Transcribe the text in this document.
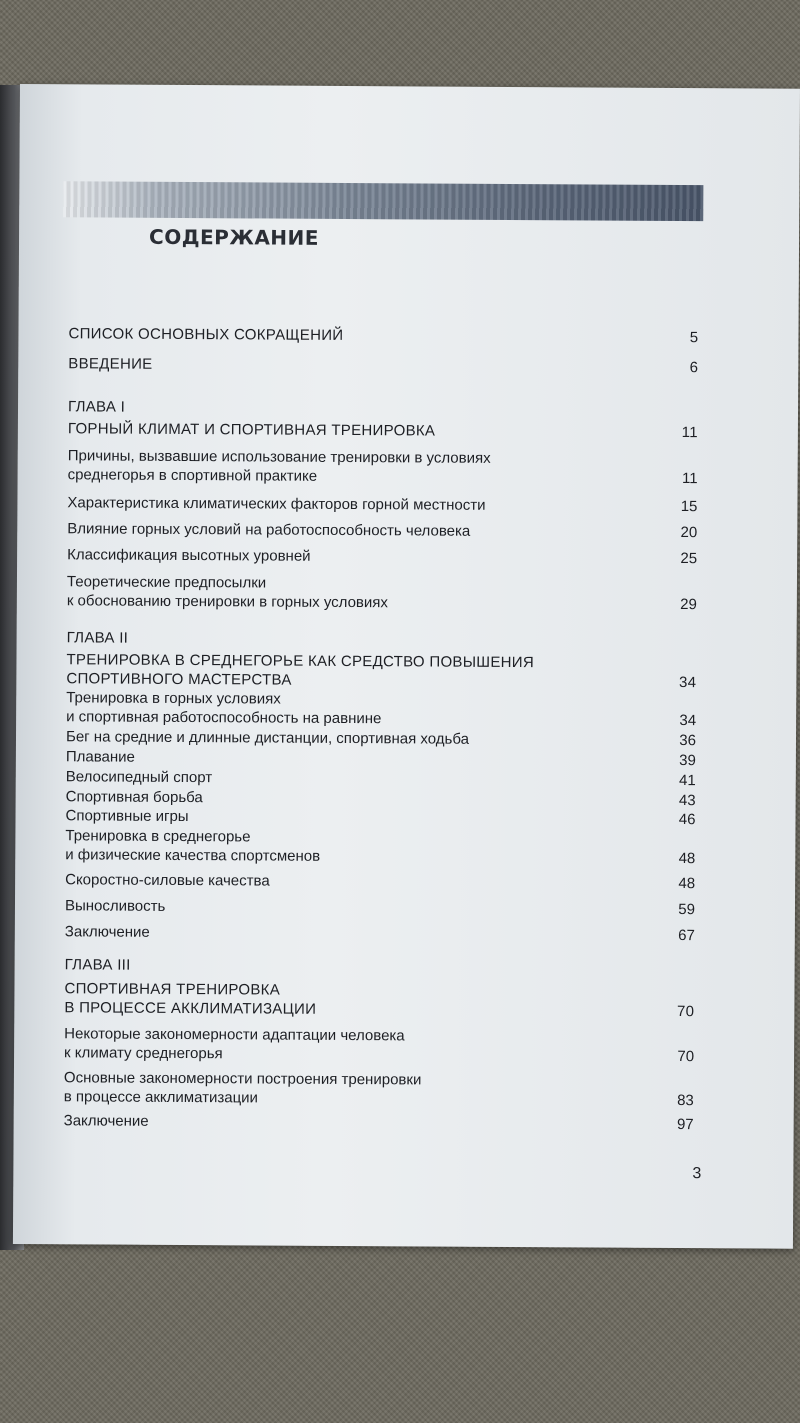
СОДЕРЖАНИЕ
СПИСОК ОСНОВНЫХ СОКРАЩЕНИЙ	5
ВВЕДЕНИЕ	6
ГЛАВА I
ГОРНЫЙ КЛИМАТ И СПОРТИВНАЯ ТРЕНИРОВКА	11
Причины, вызвавшие использование тренировки в условиях
среднегорья в спортивной практике	11
Характеристика климатических факторов горной местности	15
Влияние горных условий на работоспособность человека	20
Классификация высотных уровней	25
Теоретические предпосылки
к обоснованию тренировки в горных условиях	29
ГЛАВА II
ТРЕНИРОВКА В СРЕДНЕГОРЬЕ КАК СРЕДСТВО ПОВЫШЕНИЯ
СПОРТИВНОГО МАСТЕРСТВА	34
Тренировка в горных условиях
и спортивная работоспособность на равнине	34
Бег на средние и длинные дистанции, спортивная ходьба	36
Плавание	39
Велосипедный спорт	41
Спортивная борьба	43
Спортивные игры	46
Тренировка в среднегорье
и физические качества спортсменов	48
Скоростно-силовые качества	48
Выносливость	59
Заключение	67
ГЛАВА III
СПОРТИВНАЯ ТРЕНИРОВКА
В ПРОЦЕССЕ АККЛИМАТИЗАЦИИ	70
Некоторые закономерности адаптации человека
к климату среднегорья	70
Основные закономерности построения тренировки
в процессе акклиматизации	83
Заключение	97
3
